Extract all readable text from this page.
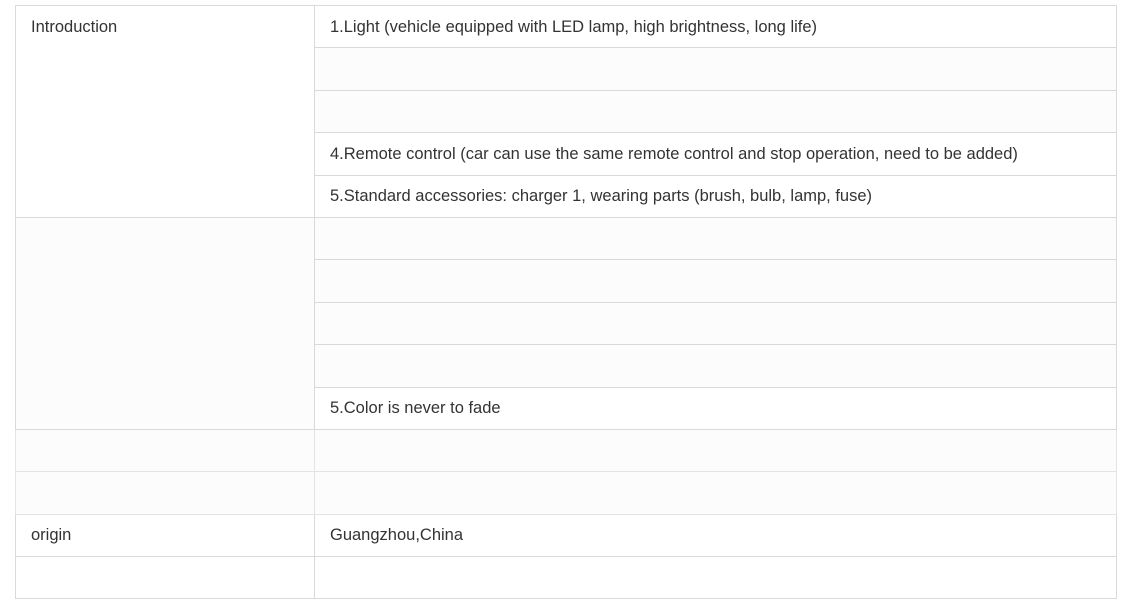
Introduction	1.Light (vehicle equipped with LED lamp, high brightness, long life)

	4.Remote control (car can use the same remote control and stop operation, need to be added)
	5.Standard accessories: charger 1, wearing parts (brush, bulb, lamp, fuse)

	5.Color is never to fade

origin	Guangzhou,China
